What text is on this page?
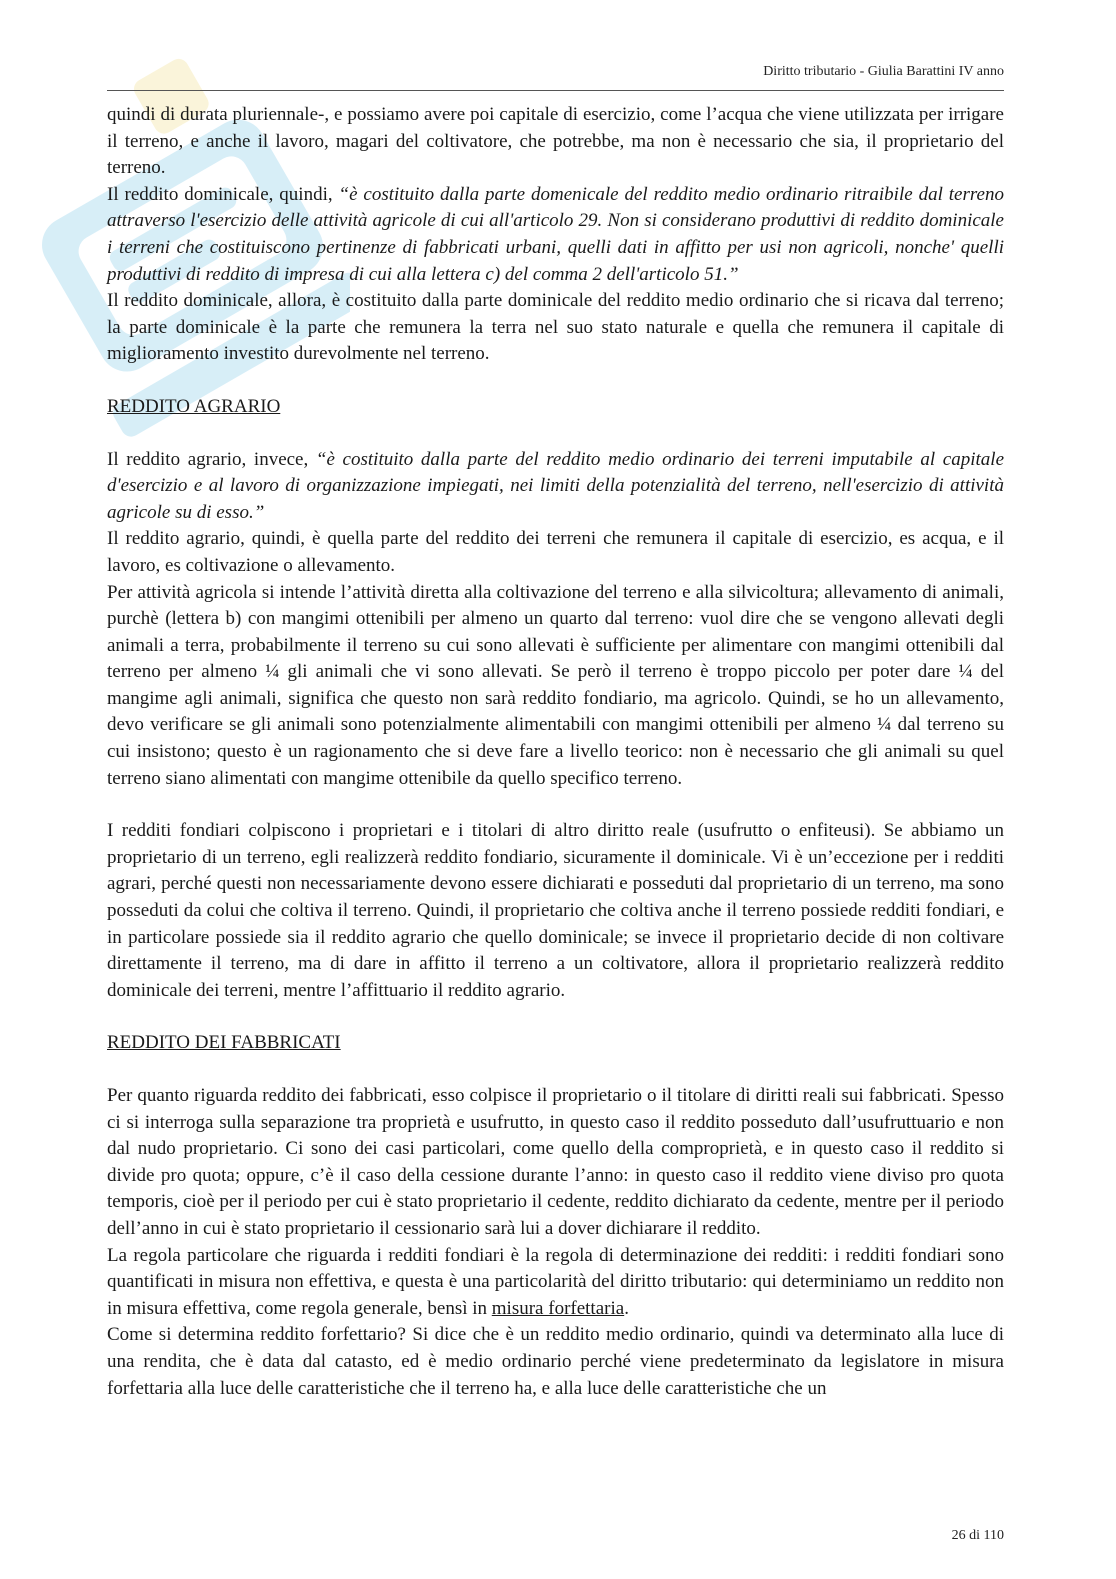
Diritto tributario - Giulia Barattini IV anno

quindi di durata pluriennale-, e possiamo avere poi capitale di esercizio, come l’acqua che viene utilizzata per irrigare il terreno, e anche il lavoro, magari del coltivatore, che potrebbe, ma non è necessario che sia, il proprietario del terreno.

Il reddito dominicale, quindi, “è costituito dalla parte domenicale del reddito medio ordinario ritraibile dal terreno attraverso l'esercizio delle attività agricole di cui all'articolo 29. Non si considerano produttivi di reddito dominicale i terreni che costituiscono pertinenze di fabbricati urbani, quelli dati in affitto per usi non agricoli, nonche' quelli produttivi di reddito di impresa di cui alla lettera c) del comma 2 dell'articolo 51.”

Il reddito dominicale, allora, è costituito dalla parte dominicale del reddito medio ordinario che si ricava dal terreno; la parte dominicale è la parte che remunera la terra nel suo stato naturale e quella che remunera il capitale di miglioramento investito durevolmente nel terreno.

REDDITO AGRARIO

Il reddito agrario, invece, “è costituito dalla parte del reddito medio ordinario dei terreni imputabile al capitale d'esercizio e al lavoro di organizzazione impiegati, nei limiti della potenzialità del terreno, nell'esercizio di attività agricole su di esso.”

Il reddito agrario, quindi, è quella parte del reddito dei terreni che remunera il capitale di esercizio, es acqua, e il lavoro, es coltivazione o allevamento.

Per attività agricola si intende l’attività diretta alla coltivazione del terreno e alla silvicoltura; allevamento di animali, purchè (lettera b) con mangimi ottenibili per almeno un quarto dal terreno: vuol dire che se vengono allevati degli animali a terra, probabilmente il terreno su cui sono allevati è sufficiente per alimentare con mangimi ottenibili dal terreno per almeno ¼ gli animali che vi sono allevati. Se però il terreno è troppo piccolo per poter dare ¼ del mangime agli animali, significa che questo non sarà reddito fondiario, ma agricolo. Quindi, se ho un allevamento, devo verificare se gli animali sono potenzialmente alimentabili con mangimi ottenibili per almeno ¼ dal terreno su cui insistono; questo è un ragionamento che si deve fare a livello teorico: non è necessario che gli animali su quel terreno siano alimentati con mangime ottenibile da quello specifico terreno.

I redditi fondiari colpiscono i proprietari e i titolari di altro diritto reale (usufrutto o enfiteusi). Se abbiamo un proprietario di un terreno, egli realizzerà reddito fondiario, sicuramente il dominicale. Vi è un’eccezione per i redditi agrari, perché questi non necessariamente devono essere dichiarati e posseduti dal proprietario di un terreno, ma sono posseduti da colui che coltiva il terreno. Quindi, il proprietario che coltiva anche il terreno possiede redditi fondiari, e in particolare possiede sia il reddito agrario che quello dominicale; se invece il proprietario decide di non coltivare direttamente il terreno, ma di dare in affitto il terreno a un coltivatore, allora il proprietario realizzerà reddito dominicale dei terreni, mentre l’affittuario il reddito agrario.

REDDITO DEI FABBRICATI

Per quanto riguarda reddito dei fabbricati, esso colpisce il proprietario o il titolare di diritti reali sui fabbricati. Spesso ci si interroga sulla separazione tra proprietà e usufrutto, in questo caso il reddito posseduto dall’usufruttuario e non dal nudo proprietario. Ci sono dei casi particolari, come quello della comproprietà, e in questo caso il reddito si divide pro quota; oppure, c’è il caso della cessione durante l’anno: in questo caso il reddito viene diviso pro quota temporis, cioè per il periodo per cui è stato proprietario il cedente, reddito dichiarato da cedente, mentre per il periodo dell’anno in cui è stato proprietario il cessionario sarà lui a dover dichiarare il reddito.

La regola particolare che riguarda i redditi fondiari è la regola di determinazione dei redditi: i redditi fondiari sono quantificati in misura non effettiva, e questa è una particolarità del diritto tributario: qui determiniamo un reddito non in misura effettiva, come regola generale, bensì in misura forfettaria.

Come si determina reddito forfettario? Si dice che è un reddito medio ordinario, quindi va determinato alla luce di una rendita, che è data dal catasto, ed è medio ordinario perché viene predeterminato da legislatore in misura forfettaria alla luce delle caratteristiche che il terreno ha, e alla luce delle caratteristiche che un

26 di 110
